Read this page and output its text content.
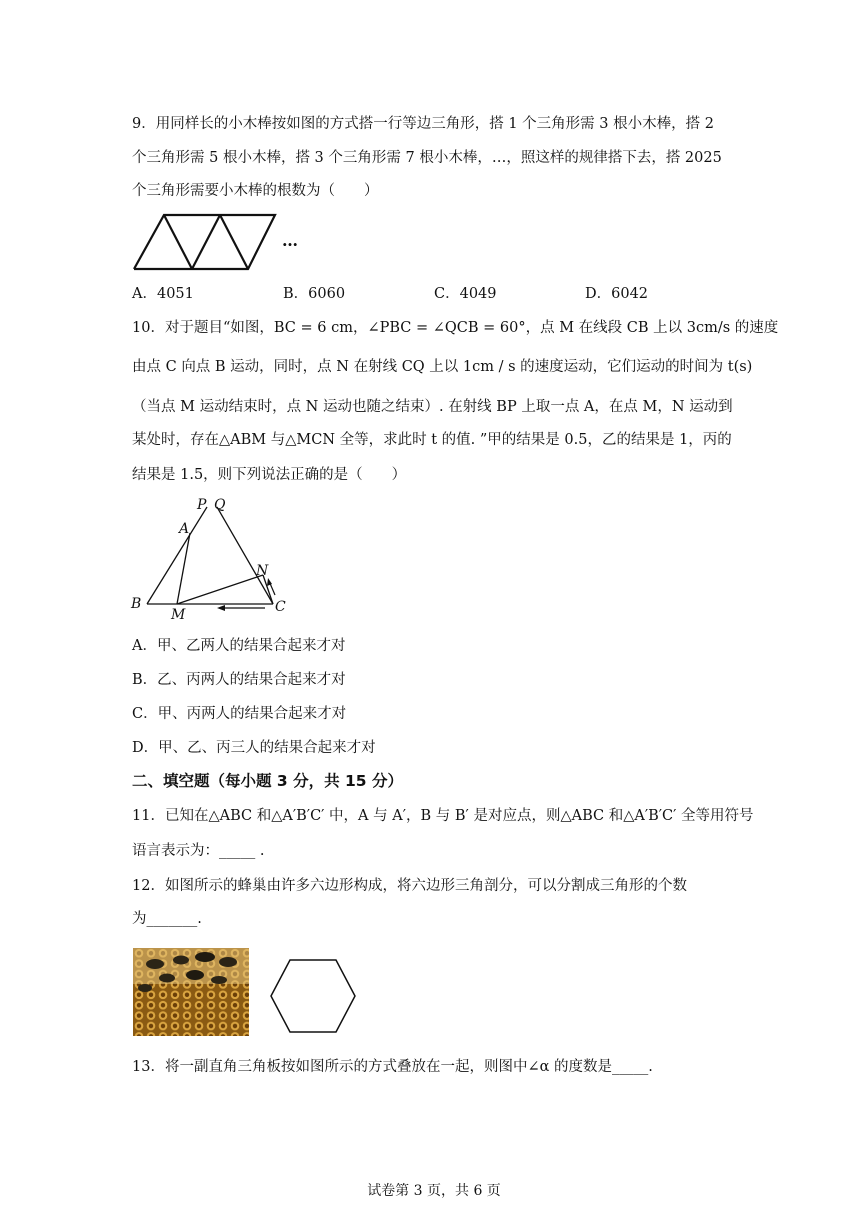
9．用同样长的小木棒按如图的方式搭一行等边三角形，搭 1 个三角形需 3 根小木棒，搭 2
个三角形需 5 根小木棒，搭 3 个三角形需 7 根小木棒，…，照这样的规律搭下去，搭 2025
个三角形需要小木棒的根数为（　　）
…
A．4051	B．6060	C．4049	D．6042
10．对于题目“如图，BC = 6 cm，∠PBC = ∠QCB = 60°，点 M 在线段 CB 上以 3cm/s 的速度
由点 C 向点 B 运动，同时，点 N 在射线 CQ 上以 1cm / s 的速度运动，它们运动的时间为 t(s)
（当点 M 运动结束时，点 N 运动也随之结束）. 在射线 BP 上取一点 A，在点 M，N 运动到
某处时，存在△ABM 与△MCN 全等，求此时 t 的值. ”甲的结果是 0.5，乙的结果是 1，丙的
结果是 1.5，则下列说法正确的是（　　）
P Q
A
N
B
M	C
A．甲、乙两人的结果合起来才对
B．乙、丙两人的结果合起来才对
C．甲、丙两人的结果合起来才对
D．甲、乙、丙三人的结果合起来才对
二、填空题（每小题 3 分，共 15 分）
11．已知在△ABC 和△A′B′C′ 中，A 与 A′，B 与 B′ 是对应点，则△ABC 和△A′B′C′ 全等用符号
语言表示为：_____ .
12．如图所示的蜂巢由许多六边形构成，将六边形三角剖分，可以分割成三角形的个数
为_______.
13．将一副直角三角板按如图所示的方式叠放在一起，则图中∠α 的度数是_____.
试卷第 3 页，共 6 页
